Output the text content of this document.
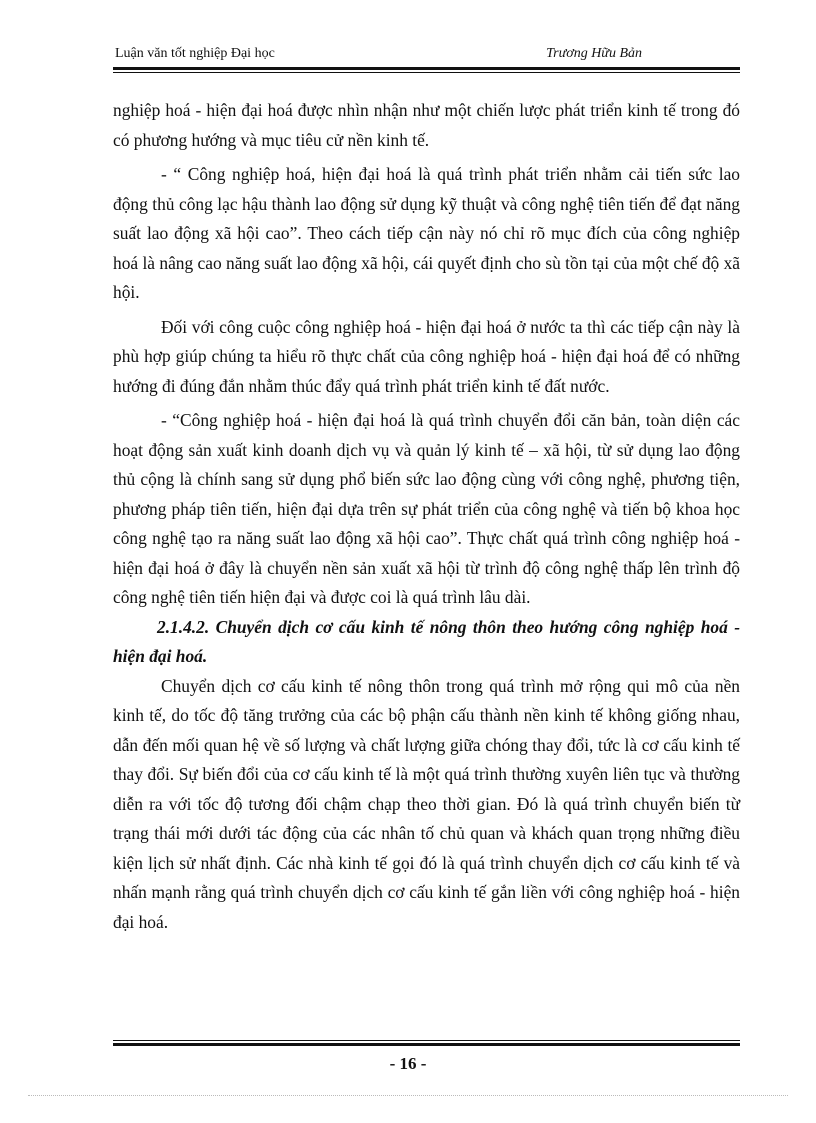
Luận văn tốt nghiệp Đại học	Trương Hữu Bản

nghiệp hoá - hiện đại hoá được nhìn nhận như một chiến lược phát triển kinh tế trong đó có phương hướng và mục tiêu cử nền kinh tế.

- “ Công nghiệp hoá, hiện đại hoá là quá trình phát triển nhằm cải tiến sức lao động thủ công lạc hậu thành lao động sử dụng kỹ thuật và công nghệ tiên tiến để đạt năng suất lao động xã hội cao”. Theo cách tiếp cận này nó chỉ rõ mục đích của công nghiệp hoá là nâng cao năng suất lao động xã hội, cái quyết định cho sù tồn tại của một chế độ xã hội.

Đối với công cuộc công nghiệp hoá - hiện đại hoá ở nước ta thì các tiếp cận này là phù hợp giúp chúng ta hiểu rõ thực chất của công nghiệp hoá - hiện đại hoá để có những hướng đi đúng đắn nhằm thúc đẩy quá trình phát triển kinh tế đất nước.

- “Công nghiệp hoá - hiện đại hoá là quá trình chuyển đổi căn bản, toàn diện các hoạt động sản xuất kinh doanh dịch vụ và quản lý kinh tế – xã hội, từ sử dụng lao động thủ cộng là chính sang sử dụng phổ biến sức lao động cùng với công nghệ, phương tiện, phương pháp tiên tiến, hiện đại dựa trên sự phát triển của công nghệ và tiến bộ khoa học công nghệ tạo ra năng suất lao động xã hội cao”. Thực chất quá trình công nghiệp hoá - hiện đại hoá ở đây là chuyển nền sản xuất xã hội từ trình độ công nghệ thấp lên trình độ công nghệ tiên tiến hiện đại và được coi là quá trình lâu dài.

2.1.4.2. Chuyển dịch cơ cấu kinh tế nông thôn theo hướng công nghiệp hoá - hiện đại hoá.

Chuyển dịch cơ cấu kinh tế nông thôn trong quá trình mở rộng qui mô của nền kinh tế, do tốc độ tăng trưởng của các bộ phận cấu thành nền kinh tế không giống nhau, dẫn đến mối quan hệ về số lượng và chất lượng giữa chóng thay đổi, tức là cơ cấu kinh tế thay đổi. Sự biến đổi của cơ cấu kinh tế là một quá trình thường xuyên liên tục và thường diễn ra với tốc độ tương đối chậm chạp theo thời gian. Đó là quá trình chuyển biến từ trạng thái mới dưới tác động của các nhân tố chủ quan và khách quan trọng những điều kiện lịch sử nhất định. Các nhà kinh tế gọi đó là quá trình chuyển dịch cơ cấu kinh tế và nhấn mạnh rằng quá trình chuyển dịch cơ cấu kinh tế gắn liền với công nghiệp hoá - hiện đại hoá.

- 16 -
